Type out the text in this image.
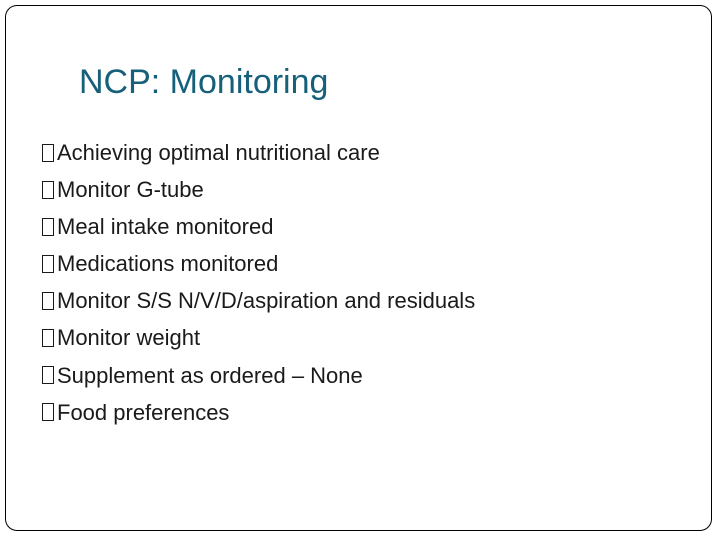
NCP: Monitoring
Achieving optimal nutritional care
Monitor G-tube
Meal intake monitored
Medications monitored
Monitor S/S N/V/D/aspiration and residuals
Monitor weight
Supplement as ordered – None
Food preferences
